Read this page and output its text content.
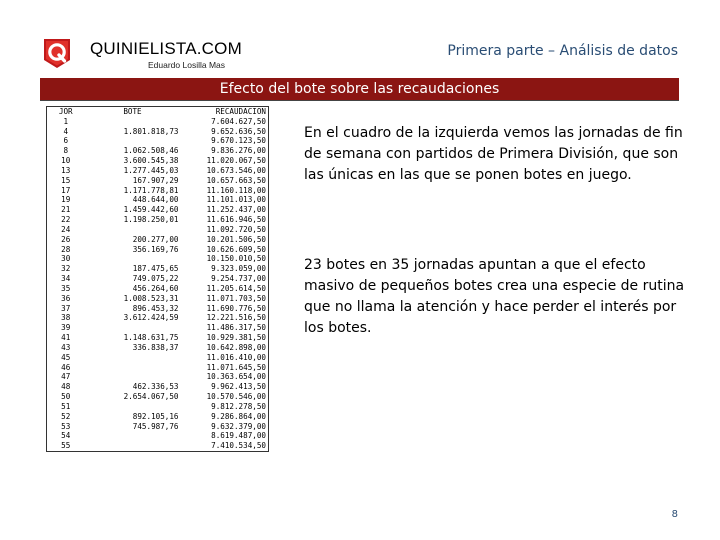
QUINIELISTA.COM
Eduardo Losilla Mas
Primera parte – Análisis de datos
Efecto del bote sobre las recaudaciones
JOR	BOTE	RECAUDACION
1		7.604.627,50
4	1.801.818,73	9.652.636,50
6		9.670.123,50
8	1.062.508,46	9.836.276,00
10	3.600.545,38	11.020.067,50
13	1.277.445,03	10.673.546,00
15	167.907,29	10.657.663,50
17	1.171.778,81	11.160.118,00
19	448.644,00	11.101.013,00
21	1.459.442,60	11.252.437,00
22	1.198.250,01	11.616.946,50
24		11.092.720,50
26	200.277,00	10.201.506,50
28	356.169,76	10.626.609,50
30		10.150.010,50
32	187.475,65	9.323.059,00
34	749.075,22	9.254.737,00
35	456.264,60	11.205.614,50
36	1.008.523,31	11.071.703,50
37	896.453,32	11.690.776,50
38	3.612.424,59	12.221.516,50
39		11.486.317,50
41	1.148.631,75	10.929.381,50
43	336.838,37	10.642.898,00
45		11.016.410,00
46		11.071.645,50
47		10.363.654,00
48	462.336,53	9.962.413,50
50	2.654.067,50	10.570.546,00
51		9.812.278,50
52	892.105,16	9.286.864,00
53	745.987,76	9.632.379,00
54		8.619.487,00
55		7.410.534,50
En el cuadro de la izquierda vemos las jornadas de fin de semana con partidos de Primera División, que son las únicas en las que se ponen botes en juego.
23 botes en 35 jornadas apuntan a que el efecto masivo de pequeños botes crea una especie de rutina que no llama la atención y hace perder el interés por los botes.
8
